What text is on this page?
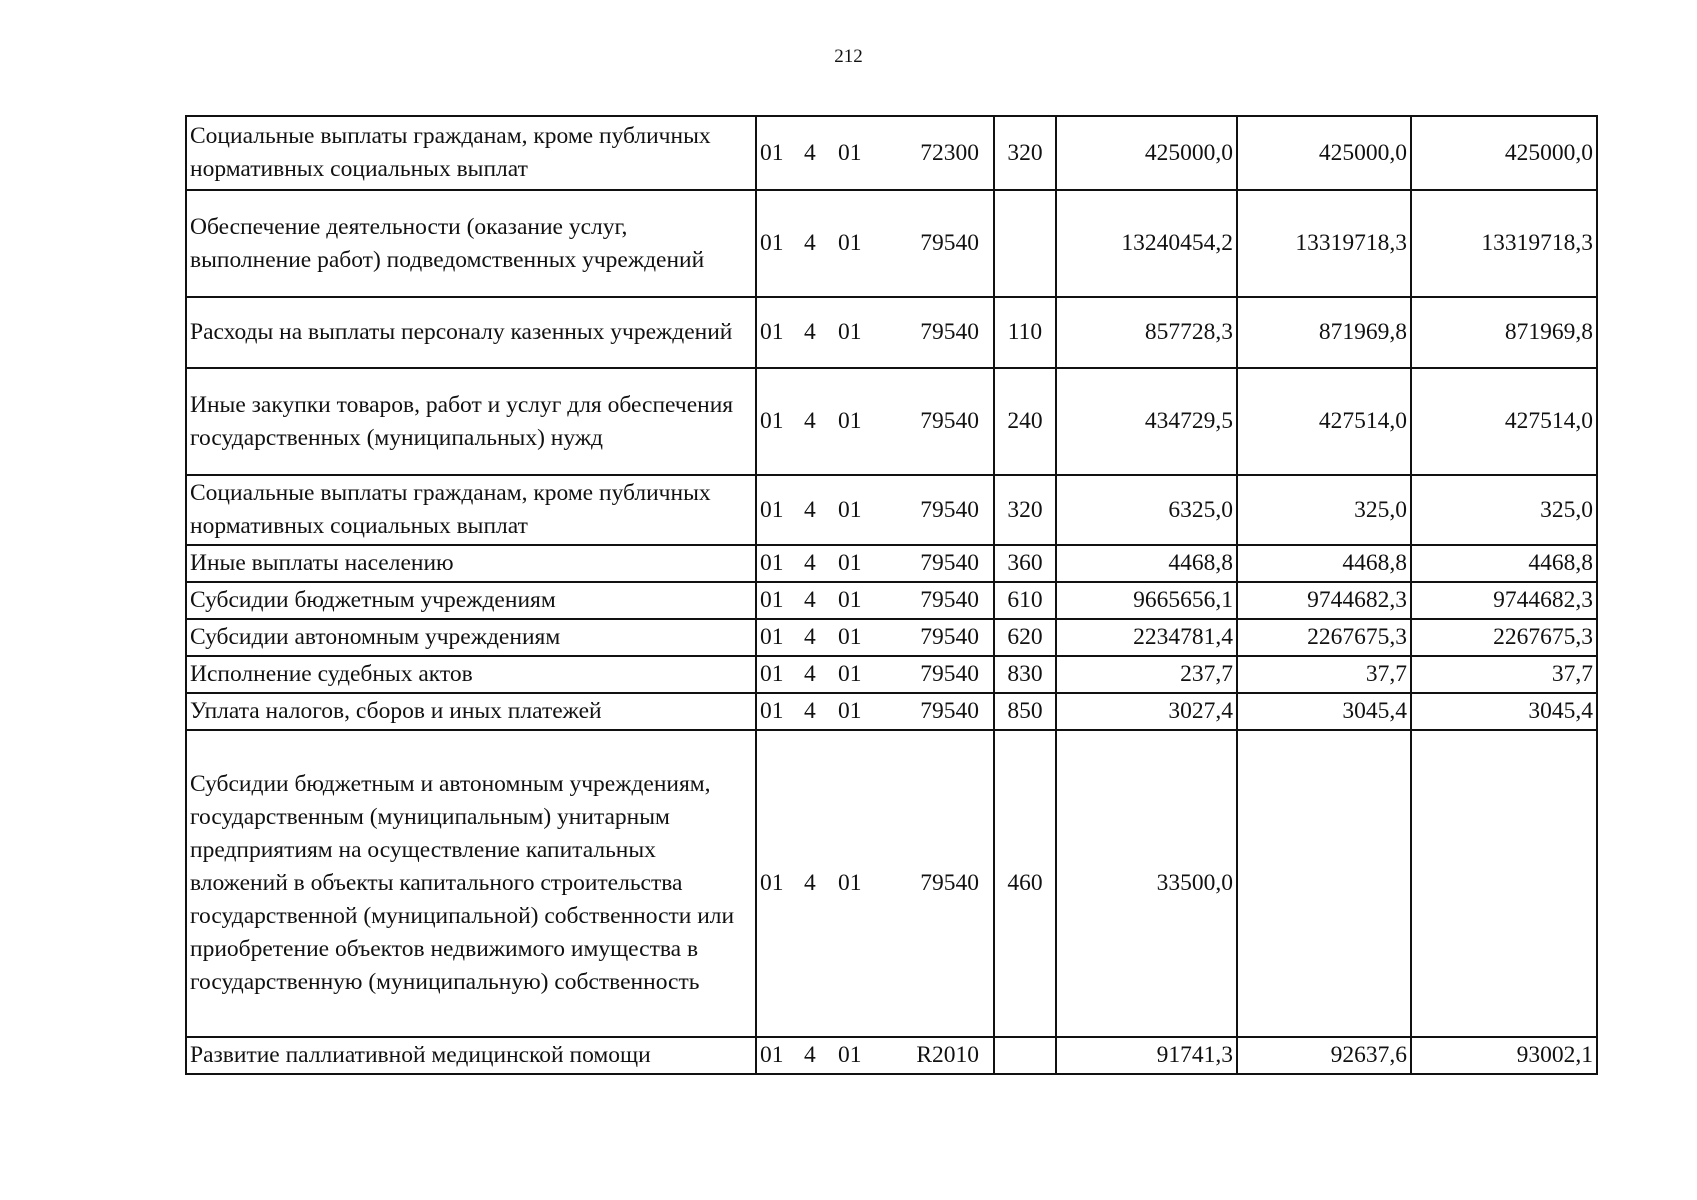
212
Социальные выплаты гражданам, кроме публичных нормативных социальных выплат	01 4 01 72300	320	425000,0	425000,0	425000,0
Обеспечение деятельности (оказание услуг, выполнение работ) подведомственных учреждений	01 4 01 79540		13240454,2	13319718,3	13319718,3
Расходы на выплаты персоналу казенных учреждений	01 4 01 79540	110	857728,3	871969,8	871969,8
Иные закупки товаров, работ и услуг для обеспечения государственных (муниципальных) нужд	01 4 01 79540	240	434729,5	427514,0	427514,0
Социальные выплаты гражданам, кроме публичных нормативных социальных выплат	01 4 01 79540	320	6325,0	325,0	325,0
Иные выплаты населению	01 4 01 79540	360	4468,8	4468,8	4468,8
Субсидии бюджетным учреждениям	01 4 01 79540	610	9665656,1	9744682,3	9744682,3
Субсидии автономным учреждениям	01 4 01 79540	620	2234781,4	2267675,3	2267675,3
Исполнение судебных актов	01 4 01 79540	830	237,7	37,7	37,7
Уплата налогов, сборов и иных платежей	01 4 01 79540	850	3027,4	3045,4	3045,4
Субсидии бюджетным и автономным учреждениям, государственным (муниципальным) унитарным предприятиям на осуществление капитальных вложений в объекты капитального строительства государственной (муниципальной) собственности или приобретение объектов недвижимого имущества в государственную (муниципальную) собственность	01 4 01 79540	460	33500,0		
Развитие паллиативной медицинской помощи	01 4 01 R2010		91741,3	92637,6	93002,1
